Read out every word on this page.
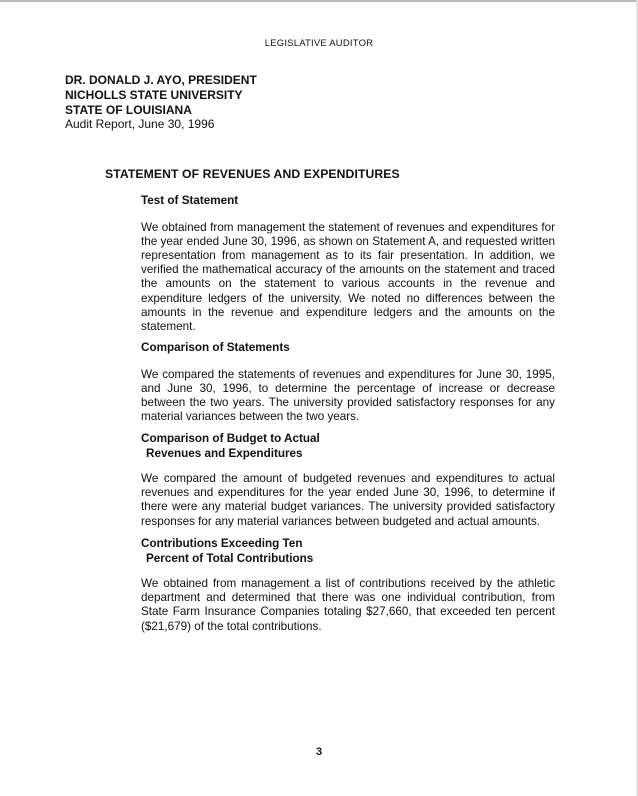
LEGISLATIVE AUDITOR
DR. DONALD J. AYO, PRESIDENT
NICHOLLS STATE UNIVERSITY
STATE OF LOUISIANA
Audit Report, June 30, 1996
STATEMENT OF REVENUES AND EXPENDITURES
Test of Statement

We obtained from management the statement of revenues and expenditures for the year ended June 30, 1996, as shown on Statement A, and requested written representation from management as to its fair presentation. In addition, we verified the mathematical accuracy of the amounts on the statement and traced the amounts on the statement to various accounts in the revenue and expenditure ledgers of the university. We noted no differences between the amounts in the revenue and expenditure ledgers and the amounts on the statement.

Comparison of Statements

We compared the statements of revenues and expenditures for June 30, 1995, and June 30, 1996, to determine the percentage of increase or decrease between the two years. The university provided satisfactory responses for any material variances between the two years.

Comparison of Budget to Actual
Revenues and Expenditures

We compared the amount of budgeted revenues and expenditures to actual revenues and expenditures for the year ended June 30, 1996, to determine if there were any material budget variances. The university provided satisfactory responses for any material variances between budgeted and actual amounts.

Contributions Exceeding Ten
Percent of Total Contributions

We obtained from management a list of contributions received by the athletic department and determined that there was one individual contribution, from State Farm Insurance Companies totaling $27,660, that exceeded ten percent ($21,679) of the total contributions.

3
